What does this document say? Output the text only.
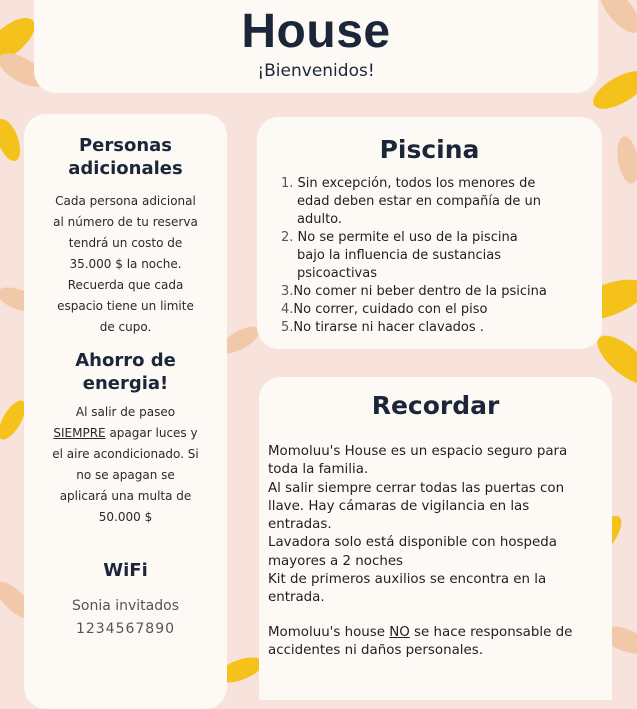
House
¡Bienvenidos!
Personas
adicionales
Cada persona adicional
al número de tu reserva
tendrá un costo de
35.000 $ la noche.
Recuerda que cada
espacio tiene un limite
de cupo.
Ahorro de
energia!
Al salir de paseo
SIEMPRE apagar luces y
el aire acondicionado. Si
no se apagan se
aplicará una multa de
50.000 $
WiFi
Sonia invitados
1234567890
Piscina
1. Sin excepción, todos los menores de
edad deben estar en compañía de un
adulto.
2. No se permite el uso de la piscina
bajo la influencia de sustancias
psicoactivas
3.No comer ni beber dentro de la psicina
4.No correr, cuidado con el piso
5.No tirarse ni hacer clavados .
Recordar
Momoluu's House es un espacio seguro para
toda la familia.
Al salir siempre cerrar todas las puertas con
llave. Hay cámaras de vigilancia en las
entradas.
Lavadora solo está disponible con hospeda
mayores a 2 noches
Kit de primeros auxilios se encontra en la
entrada.
Momoluu's house NO se hace responsable de
accidentes ni daños personales.
